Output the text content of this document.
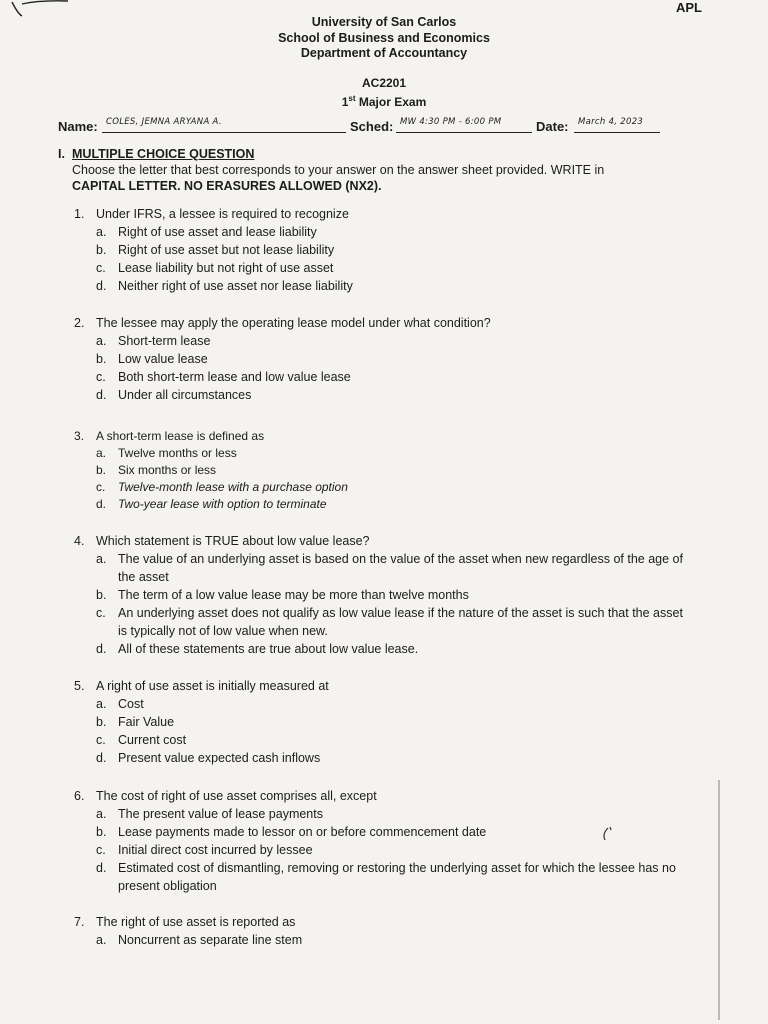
APL
University of San Carlos
School of Business and Economics
Department of Accountancy
AC2201
1st Major Exam
Name: COLES, JEMNA ARYANA A.	Sched: MW 4:30 PM - 6:00 PM	Date:	March 4, 2023
I. MULTIPLE CHOICE QUESTION
Choose the letter that best corresponds to your answer on the answer sheet provided. WRITE in
CAPITAL LETTER. NO ERASURES ALLOWED (NX2).
1. Under IFRS, a lessee is required to recognize
a. Right of use asset and lease liability
b. Right of use asset but not lease liability
c. Lease liability but not right of use asset
d. Neither right of use asset nor lease liability
2. The lessee may apply the operating lease model under what condition?
a. Short-term lease
b. Low value lease
c. Both short-term lease and low value lease
d. Under all circumstances
3. A short-term lease is defined as
a. Twelve months or less
b. Six months or less
c.	Twelve-month lease with a purchase option
d. Two-year lease with option to terminate
4. Which statement is TRUE about low value lease?
a. The value of an underlying asset is based on the value of the asset when new regardless of the age of the asset
b. The term of a low value lease may be more than twelve months
c. An underlying asset does not qualify as low value lease if the nature of the asset is such that the asset is typically not of low value when new.
d. All of these statements are true about low value lease.
5. A right of use asset is initially measured at
a. Cost
b. Fair Value
c. Current cost
d. Present value expected cash inflows
6. The cost of right of use asset comprises all, except
a. The present value of lease payments
b. Lease payments made to lessor on or before commencement date
c. Initial direct cost incurred by lessee
d. Estimated cost of dismantling, removing or restoring the underlying asset for which the lessee has no present obligation
7. The right of use asset is reported as
a. Noncurrent as separate line stem
